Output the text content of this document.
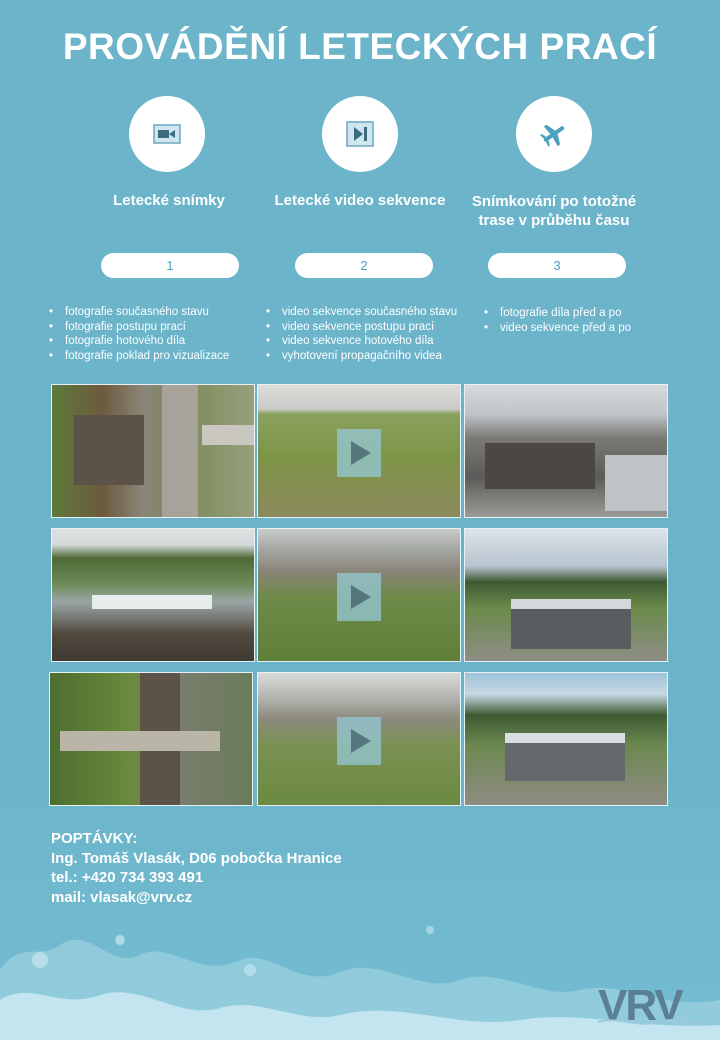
PROVÁDĚNÍ LETECKÝCH PRACÍ
Letecké snímky
1
• fotografie současného stavu
• fotografie postupu prací
• fotografie hotového díla
• fotografie poklad pro vizualizace
Letecké video sekvence
2
• video sekvence současného stavu
• video sekvence postupu prací
• video sekvence hotového díla
• vyhotovení propagačního videa
Snímkování po totožné trase v průběhu času
3
• fotografie díla před a po
• video sekvence před a po
POPTÁVKY:
Ing. Tomáš Vlasák, D06 pobočka Hranice
tel.: +420 734 393 491
mail: vlasak@vrv.cz
VRV
